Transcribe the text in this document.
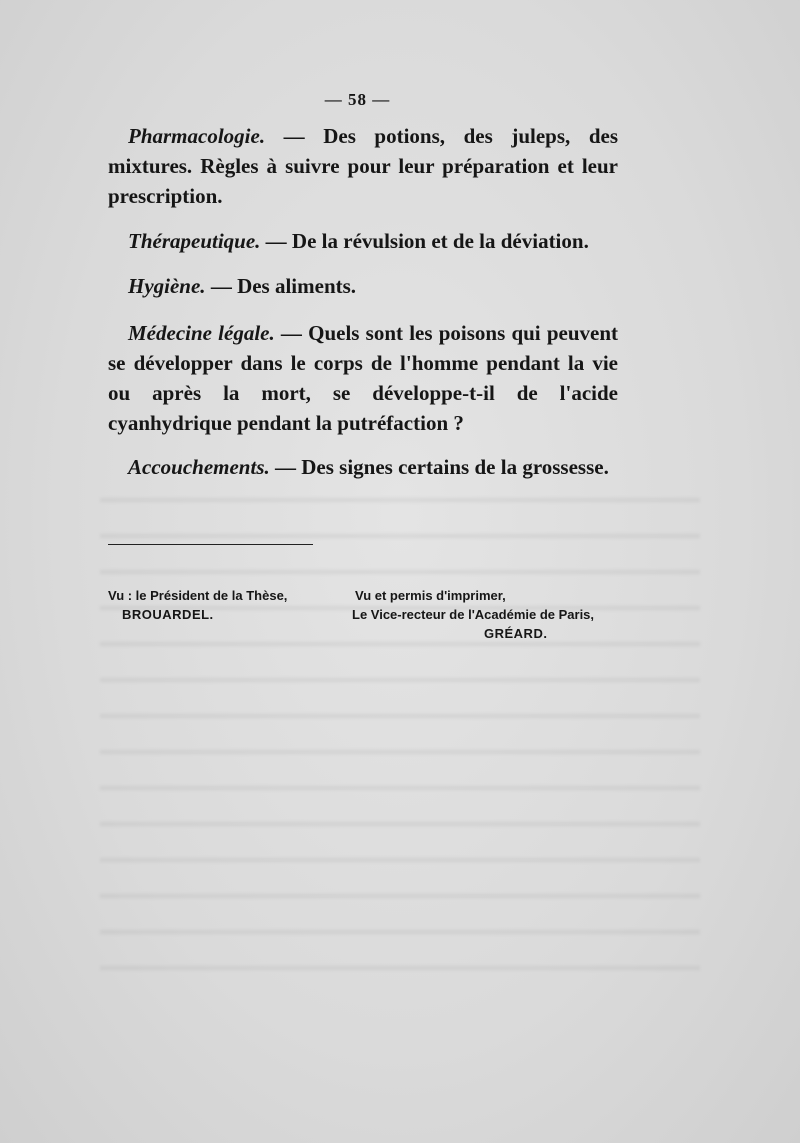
— 58 —

Pharmacologie. — Des potions, des juleps, des mixtures. Règles à suivre pour leur préparation et leur prescription.

Thérapeutique. — De la révulsion et de la déviation.

Hygiène. — Des aliments.

Médecine légale. — Quels sont les poisons qui peuvent se développer dans le corps de l'homme pendant la vie ou après la mort, se développe-t-il de l'acide cyanhydrique pendant la putréfaction ?

Accouchements. — Des signes certains de la grossesse.

Vu : le Président de la Thèse,
BROUARDEL.
Vu et permis d'imprimer,
Le Vice-recteur de l'Académie de Paris,
GRÉARD.
